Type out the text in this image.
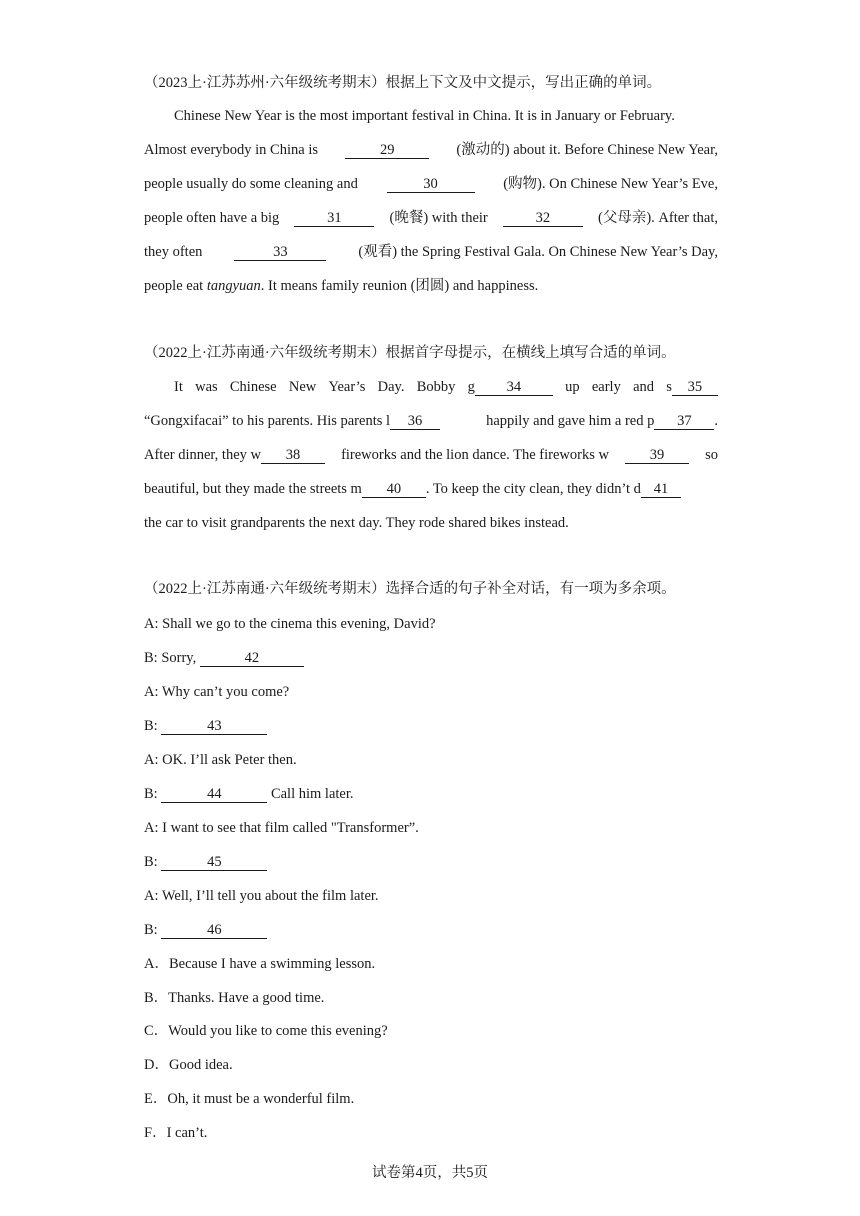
（2023上·江苏苏州·六年级统考期末）根据上下文及中文提示，写出正确的单词。
Chinese New Year is the most important festival in China. It is in January or February.
Almost everybody in China is	29	(激动的) about it. Before Chinese New Year,
people usually do some cleaning and	30	(购物). On Chinese New Year’s Eve,
people often have a big	31	(晚餐) with their	32	(父母亲). After that,
they often	33	(观看) the Spring Festival Gala. On Chinese New Year’s Day,
people eat tangyuan. It means family reunion (团圆) and happiness.
（2022上·江苏南通·六年级统考期末）根据首字母提示，在横线上填写合适的单词。
It was Chinese New Year’s Day. Bobby g 34	up early and s 35
“Gongxifacai” to his parents. His parents l 36	happily and gave him a red p 37 .
After dinner, they w 38	fireworks and the lion dance. The fireworks w	39	so
beautiful, but they made the streets m 40 . To keep the city clean, they didn’t d 41
the car to visit grandparents the next day. They rode shared bikes instead.
（2022上·江苏南通·六年级统考期末）选择合适的句子补全对话，有一项为多余项。
A: Shall we go to the cinema this evening, David?
B: Sorry,	42
A: Why can’t you come?
B:	43
A: OK. I’ll ask Peter then.
B:	44	Call him later.
A: I want to see that film called "Transformer”.
B:	45
A: Well, I’ll tell you about the film later.
B:	46
A．Because I have a swimming lesson.
B．Thanks. Have a good time.
C．Would you like to come this evening?
D．Good idea.
E．Oh, it must be a wonderful film.
F．I can’t.
试卷第4页，共5页
